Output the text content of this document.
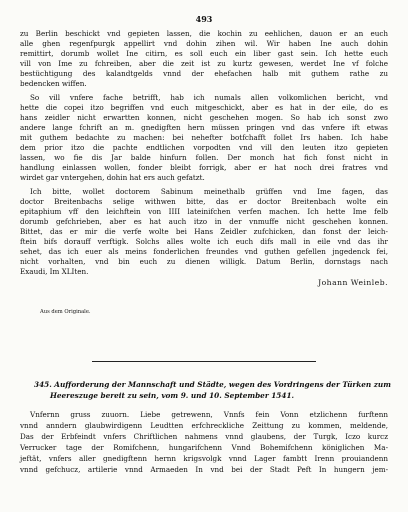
493
zu Berlin beschickt vnd gepieten lassen, die kochin zu eehlichen, dauon er an euch
alle ghen regenfpurgk appellirt vnd dohin zihen wil. Wir haben Ine auch dohin
remittirt, dorumb wollet Ine citirn, es soll euch ein liber gast sein. Ich hette euch
vill von Ime zu fchreiben, aber die zeit ist zu kurtz gewesen, werdet Ine vf folche
bestüchtigung des kalandtgelds vnnd der ehefachen halb mit guthem rathe zu
bedencken wiffen.
So vill vnfere fache betrifft, hab ich numals allen volkomlichen bericht, vnd
hette die copei itzo begriffen vnd euch mitgeschickt, aber es hat in der eile, do es
hans zeidler nicht erwartten konnen, nicht geschehen mogen. So hab ich sonst zwo
andere lange fchrift an m. gnedigften hern müssen pringen vnd das vnfere ift etwas
mit guthem bedachte zu machen: bei nehefter botfchafft follet Irs haben. Ich habe
dem prior itzo die pachte endtlichen vorpodten vnd vill den leuten itzo gepieten
lassen, wo fie dis Jar balde hinfurn follen. Der monch hat fich fonst nicht in
handlung einlassen wollen, fonder bleibt forrigk, aber er hat noch drei fratres vnd
wirdet gar vntergehen, dohin hat ers auch gefatzt.
Ich bitte, wollet doctorem Sabinum meinethalb grüffen vnd Ime fagen, das
doctor Breitenbachs selige withwen bitte, das er doctor Breitenbach wolte ein
epitaphium vff den leichftein von IIII lateinifchen verfen machen. Ich hette Ime felb
dorumb gefchrieben, aber es hat auch itzo in der vnmuffe nicht geschehen konnen.
Bittet, das er mir die verfe wolte bei Hans Zeidler zufchicken, dan fonst der leich-
ftein bifs dorauff verftigk. Solchs alles wolte ich euch difs mall in eile vnd das ihr
sehet, das ich euer als meins fonderlichen freundes vnd guthen gefellen jngedenck fei,
nicht vorhalten, vnd bin euch zu dienen willigk. Datum Berlin, dornstags nach
Exaudi, Im XLIten.
Johann Weinleb.
Aus dem Originale.
345. Aufforderung der Mannschaft und Städte, wegen des Vordringens der Türken zum
Heereszuge bereit zu sein, vom 9. und 10. September 1541.
Vnfernn gruss zuuorn. Liebe getrewenn, Vnnfs fein Vonn etzlichenn furftenn
vnnd anndern glaubwirdigenn Leudtten erfchreckliche Zeittung zu kommen, meldende,
Das der Erbfeindt vnfers Chriftlichen nahmens vnnd glaubens, der Turgk, Iczo kurcz
Verrucker tage der Romifchenn, hungarifchenn Vnnd Bohemifchenn königlichen Ma-
jeftät, vnfers aller gnedigftenn hernn krigsvolgk vnnd Lager fambtt Irenn prouiandenn
vnnd gefchucz, artilerie vnnd Armaeden In vnd bei der Stadt Peft In hungern jem-
